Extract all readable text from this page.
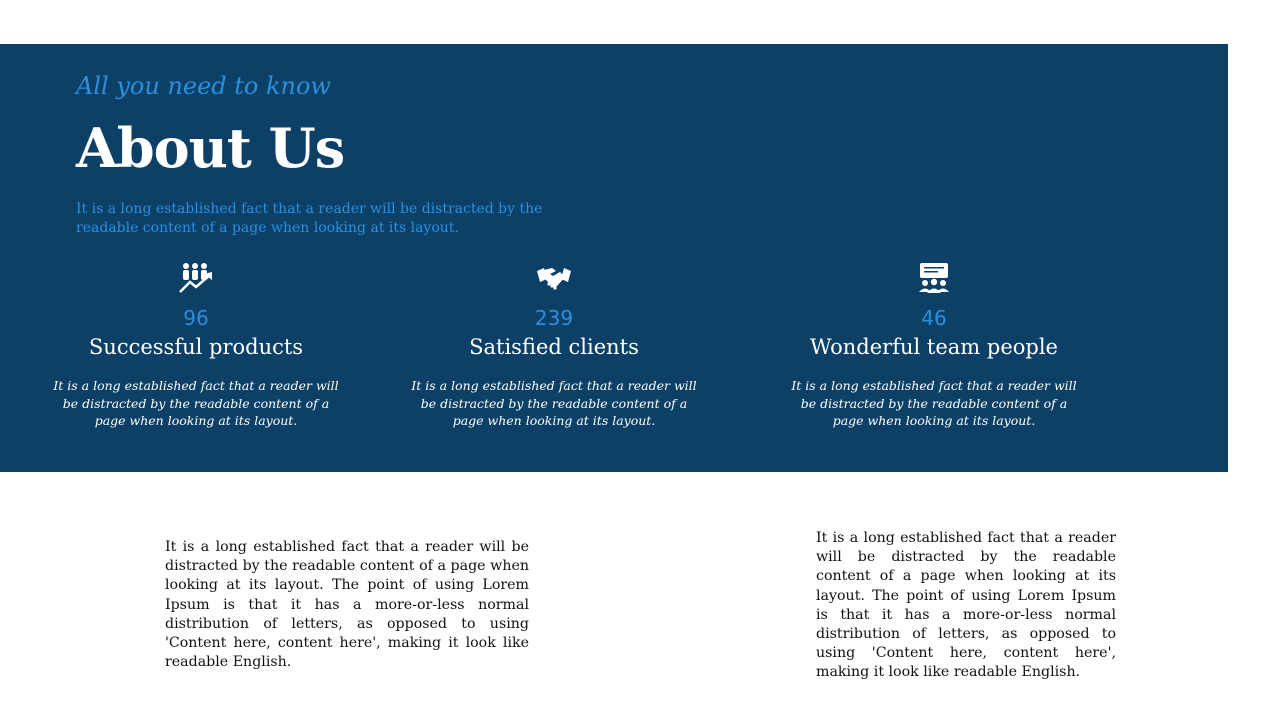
All you need to know
About Us
It is a long established fact that a reader will be distracted by the readable content of a page when looking at its layout.
96
Successful products
It is a long established fact that a reader will be distracted by the readable content of a page when looking at its layout.
239
Satisfied clients
It is a long established fact that a reader will be distracted by the readable content of a page when looking at its layout.
46
Wonderful team people
It is a long established fact that a reader will be distracted by the readable content of a page when looking at its layout.
It is a long established fact that a reader will be distracted by the readable content of a page when looking at its layout. The point of using Lorem Ipsum is that it has a more-or-less normal distribution of letters, as opposed to using 'Content here, content here', making it look like readable English.
It is a long established fact that a reader will be distracted by the readable content of a page when looking at its layout. The point of using Lorem Ipsum is that it has a more-or-less normal distribution of letters, as opposed to using 'Content here, content here', making it look like readable English.
